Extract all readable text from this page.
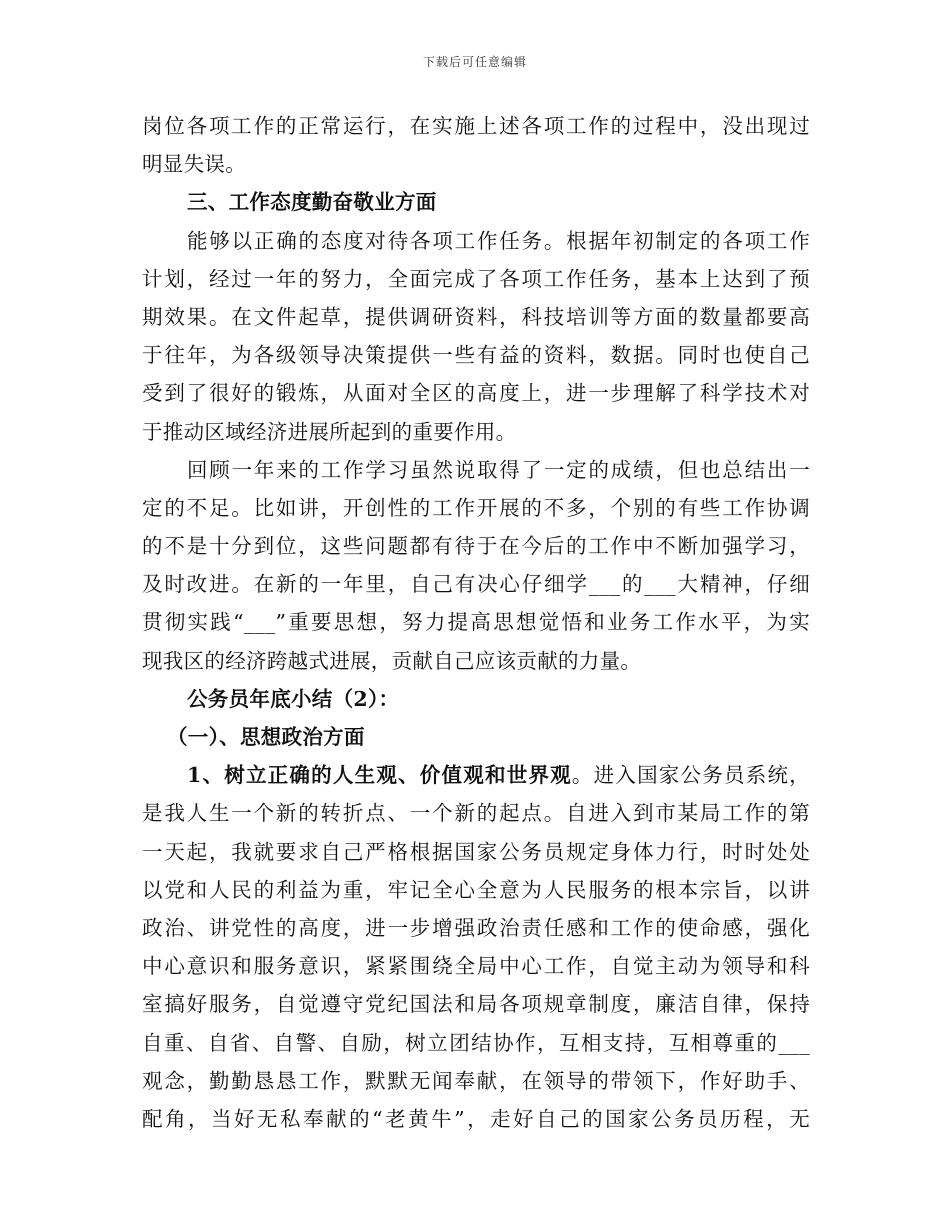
下载后可任意编辑
岗位各项工作的正常运行，在实施上述各项工作的过程中，没出现过
明显失误。
三、工作态度勤奋敬业方面
能够以正确的态度对待各项工作任务。根据年初制定的各项工作
计划，经过一年的努力，全面完成了各项工作任务，基本上达到了预
期效果。在文件起草，提供调研资料，科技培训等方面的数量都要高
于往年，为各级领导决策提供一些有益的资料，数据。同时也使自己
受到了很好的锻炼，从面对全区的高度上，进一步理解了科学技术对
于推动区域经济进展所起到的重要作用。
回顾一年来的工作学习虽然说取得了一定的成绩，但也总结出一
定的不足。比如讲，开创性的工作开展的不多，个别的有些工作协调
的不是十分到位，这些问题都有待于在今后的工作中不断加强学习，
及时改进。在新的一年里，自己有决心仔细学___的___大精神，仔细
贯彻实践“___”重要思想，努力提高思想觉悟和业务工作水平，为实
现我区的经济跨越式进展，贡献自己应该贡献的力量。
公务员年底小结（2）：
（一）、思想政治方面
1、树立正确的人生观、价值观和世界观。进入国家公务员系统，
是我人生一个新的转折点、一个新的起点。自进入到市某局工作的第
一天起，我就要求自己严格根据国家公务员规定身体力行，时时处处
以党和人民的利益为重，牢记全心全意为人民服务的根本宗旨，以讲
政治、讲党性的高度，进一步增强政治责任感和工作的使命感，强化
中心意识和服务意识，紧紧围绕全局中心工作，自觉主动为领导和科
室搞好服务，自觉遵守党纪国法和局各项规章制度，廉洁自律，保持
自重、自省、自警、自励，树立团结协作，互相支持，互相尊重的___
观念，勤勤恳恳工作，默默无闻奉献，在领导的带领下，作好助手、
配角，当好无私奉献的“老黄牛”，走好自己的国家公务员历程，无
